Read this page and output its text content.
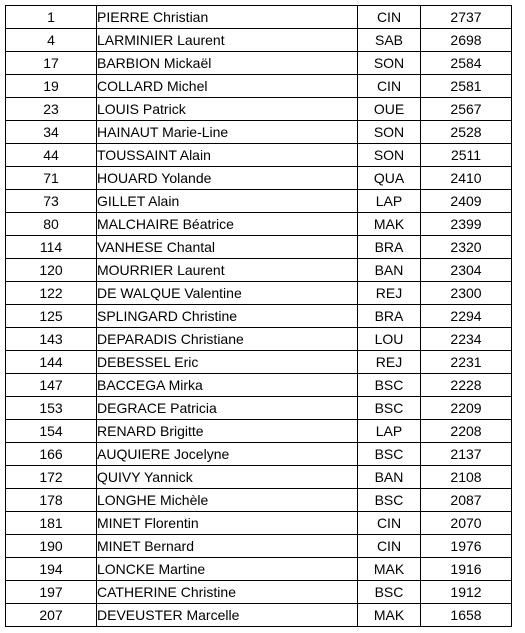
1	PIERRE Christian	CIN	2737
4	LARMINIER Laurent	SAB	2698
17	BARBION Mickaël	SON	2584
19	COLLARD Michel	CIN	2581
23	LOUIS Patrick	OUE	2567
34	HAINAUT Marie-Line	SON	2528
44	TOUSSAINT Alain	SON	2511
71	HOUARD Yolande	QUA	2410
73	GILLET Alain	LAP	2409
80	MALCHAIRE Béatrice	MAK	2399
114	VANHESE Chantal	BRA	2320
120	MOURRIER Laurent	BAN	2304
122	DE WALQUE Valentine	REJ	2300
125	SPLINGARD Christine	BRA	2294
143	DEPARADIS Christiane	LOU	2234
144	DEBESSEL Eric	REJ	2231
147	BACCEGA Mirka	BSC	2228
153	DEGRACE Patricia	BSC	2209
154	RENARD Brigitte	LAP	2208
166	AUQUIERE Jocelyne	BSC	2137
172	QUIVY Yannick	BAN	2108
178	LONGHE Michèle	BSC	2087
181	MINET Florentin	CIN	2070
190	MINET Bernard	CIN	1976
194	LONCKE Martine	MAK	1916
197	CATHERINE Christine	BSC	1912
207	DEVEUSTER Marcelle	MAK	1658
